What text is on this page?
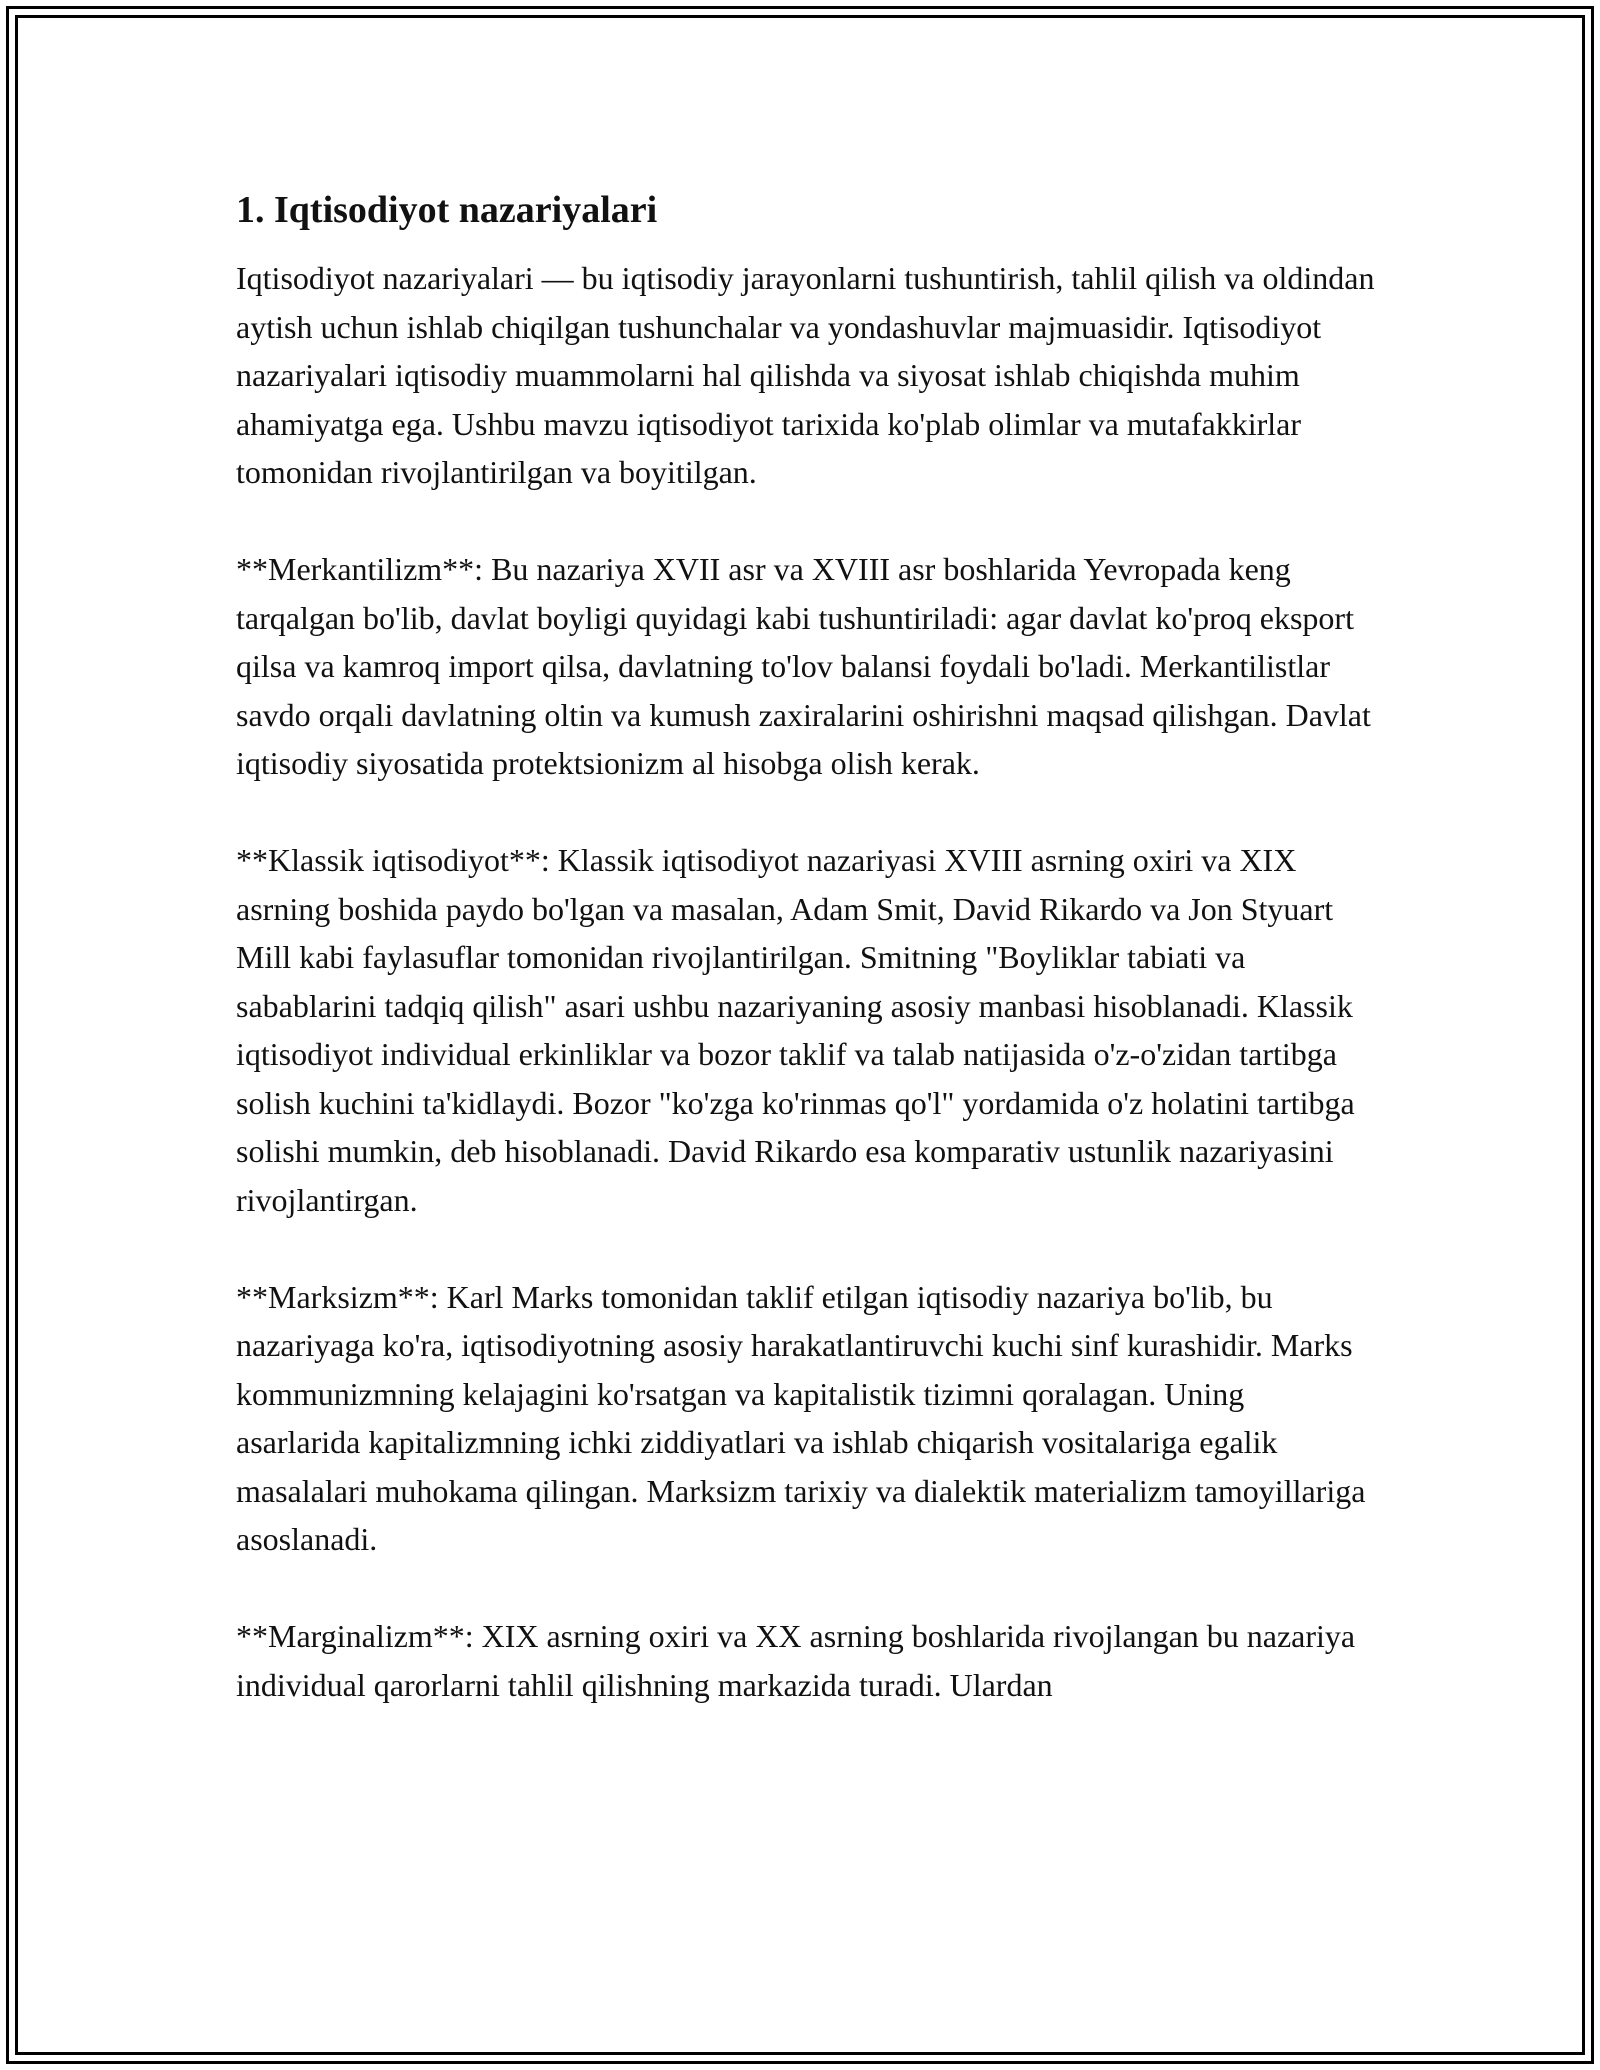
1. Iqtisodiyot nazariyalari

Iqtisodiyot nazariyalari — bu iqtisodiy jarayonlarni tushuntirish, tahlil qilish va oldindan aytish uchun ishlab chiqilgan tushunchalar va yondashuvlar majmuasidir. Iqtisodiyot nazariyalari iqtisodiy muammolarni hal qilishda va siyosat ishlab chiqishda muhim ahamiyatga ega. Ushbu mavzu iqtisodiyot tarixida ko'plab olimlar va mutafakkirlar tomonidan rivojlantirilgan va boyitilgan.

**Merkantilizm**: Bu nazariya XVII asr va XVIII asr boshlarida Yevropada keng tarqalgan bo'lib, davlat boyligi quyidagi kabi tushuntiriladi: agar davlat ko'proq eksport qilsa va kamroq import qilsa, davlatning to'lov balansi foydali bo'ladi. Merkantilistlar savdo orqali davlatning oltin va kumush zaxiralarini oshirishni maqsad qilishgan. Davlat iqtisodiy siyosatida protektsionizm al hisobga olish kerak.

**Klassik iqtisodiyot**: Klassik iqtisodiyot nazariyasi XVIII asrning oxiri va XIX asrning boshida paydo bo'lgan va masalan, Adam Smit, David Rikardo va Jon Styuart Mill kabi faylasuflar tomonidan rivojlantirilgan. Smitning "Boyliklar tabiati va sabablarini tadqiq qilish" asari ushbu nazariyaning asosiy manbasi hisoblanadi. Klassik iqtisodiyot individual erkinliklar va bozor taklif va talab natijasida o'z-o'zidan tartibga solish kuchini ta'kidlaydi. Bozor "ko'zga ko'rinmas qo'l" yordamida o'z holatini tartibga solishi mumkin, deb hisoblanadi. David Rikardo esa komparativ ustunlik nazariyasini rivojlantirgan.

**Marksizm**: Karl Marks tomonidan taklif etilgan iqtisodiy nazariya bo'lib, bu nazariyaga ko'ra, iqtisodiyotning asosiy harakatlantiruvchi kuchi sinf kurashidir. Marks kommunizmning kelajagini ko'rsatgan va kapitalistik tizimni qoralagan. Uning asarlarida kapitalizmning ichki ziddiyatlari va ishlab chiqarish vositalariga egalik masalalari muhokama qilingan. Marksizm tarixiy va dialektik materializm tamoyillariga asoslanadi.

**Marginalizm**: XIX asrning oxiri va XX asrning boshlarida rivojlangan bu nazariya individual qarorlarni tahlil qilishning markazida turadi. Ulardan
